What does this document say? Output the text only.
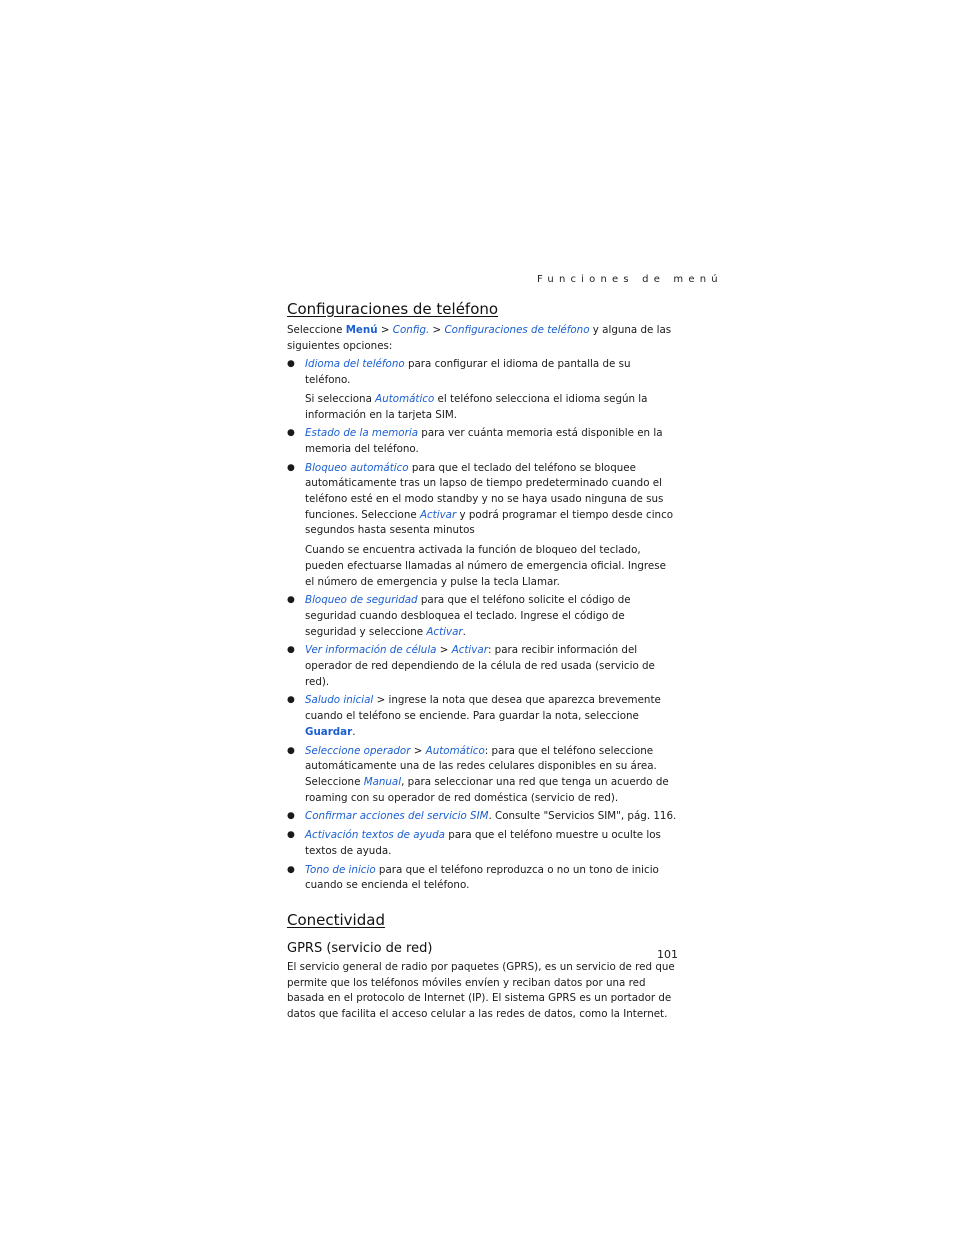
Funciones de menú
Configuraciones de teléfono

Seleccione Menú > Config. > Configuraciones de teléfono y alguna de las siguientes opciones:

● Idioma del teléfono para configurar el idioma de pantalla de su teléfono.
Si selecciona Automático el teléfono selecciona el idioma según la información en la tarjeta SIM.
● Estado de la memoria para ver cuánta memoria está disponible en la memoria del teléfono.
● Bloqueo automático para que el teclado del teléfono se bloquee automáticamente tras un lapso de tiempo predeterminado cuando el teléfono esté en el modo standby y no se haya usado ninguna de sus funciones. Seleccione Activar y podrá programar el tiempo desde cinco segundos hasta sesenta minutos

Cuando se encuentra activada la función de bloqueo del teclado, pueden efectuarse llamadas al número de emergencia oficial. Ingrese el número de emergencia y pulse la tecla Llamar.

● Bloqueo de seguridad para que el teléfono solicite el código de seguridad cuando desbloquea el teclado. Ingrese el código de seguridad y seleccione Activar.
● Ver información de célula > Activar: para recibir información del operador de red dependiendo de la célula de red usada (servicio de red).
● Saludo inicial > ingrese la nota que desea que aparezca brevemente cuando el teléfono se enciende. Para guardar la nota, seleccione Guardar.
● Seleccione operador > Automático: para que el teléfono seleccione automáticamente una de las redes celulares disponibles en su área. Seleccione Manual, para seleccionar una red que tenga un acuerdo de roaming con su operador de red doméstica (servicio de red).
● Confirmar acciones del servicio SIM. Consulte "Servicios SIM", pág. 116.
● Activación textos de ayuda para que el teléfono muestre u oculte los textos de ayuda.
● Tono de inicio para que el teléfono reproduzca o no un tono de inicio cuando se encienda el teléfono.
Conectividad
GPRS (servicio de red)

El servicio general de radio por paquetes (GPRS), es un servicio de red que permite que los teléfonos móviles envíen y reciban datos por una red basada en el protocolo de Internet (IP). El sistema GPRS es un portador de datos que facilita el acceso celular a las redes de datos, como la Internet.

101
